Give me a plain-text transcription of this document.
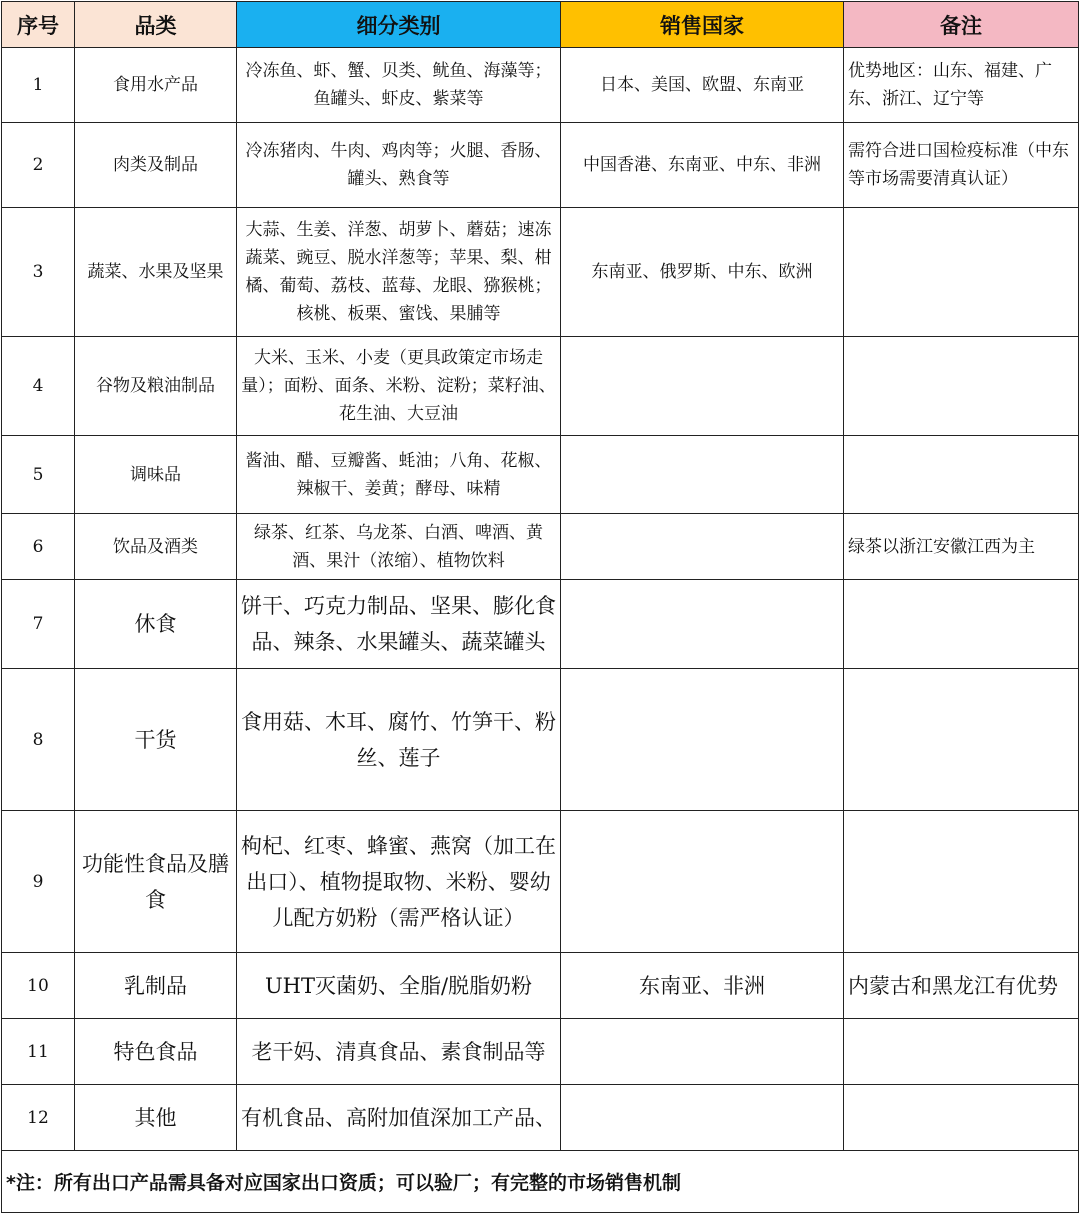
序号	品类	细分类别	销售国家	备注
1	食用水产品	冷冻鱼、虾、蟹、贝类、鱿鱼、海藻等；鱼罐头、虾皮、紫菜等	日本、美国、欧盟、东南亚	优势地区：山东、福建、广东、浙江、辽宁等
2	肉类及制品	冷冻猪肉、牛肉、鸡肉等；火腿、香肠、罐头、熟食等	中国香港、东南亚、中东、非洲	需符合进口国检疫标准（中东等市场需要清真认证）
3	蔬菜、水果及坚果	大蒜、生姜、洋葱、胡萝卜、蘑菇；速冻蔬菜、豌豆、脱水洋葱等；苹果、梨、柑橘、葡萄、荔枝、蓝莓、龙眼、猕猴桃；核桃、板栗、蜜饯、果脯等	东南亚、俄罗斯、中东、欧洲	
4	谷物及粮油制品	大米、玉米、小麦（更具政策定市场走量）；面粉、面条、米粉、淀粉；菜籽油、花生油、大豆油		
5	调味品	酱油、醋、豆瓣酱、蚝油；八角、花椒、辣椒干、姜黄；酵母、味精		
6	饮品及酒类	绿茶、红茶、乌龙茶、白酒、啤酒、黄酒、果汁（浓缩）、植物饮料		绿茶以浙江安徽江西为主
7	休食	饼干、巧克力制品、坚果、膨化食品、辣条、水果罐头、蔬菜罐头		
8	干货	食用菇、木耳、腐竹、竹笋干、粉丝、莲子		
9	功能性食品及膳食	枸杞、红枣、蜂蜜、燕窝（加工在出口）、植物提取物、米粉、婴幼儿配方奶粉（需严格认证）		
10	乳制品	UHT灭菌奶、全脂/脱脂奶粉	东南亚、非洲	内蒙古和黑龙江有优势
11	特色食品	老干妈、清真食品、素食制品等		
12	其他	有机食品、高附加值深加工产品、		
*注：所有出口产品需具备对应国家出口资质；可以验厂；有完整的市场销售机制				
